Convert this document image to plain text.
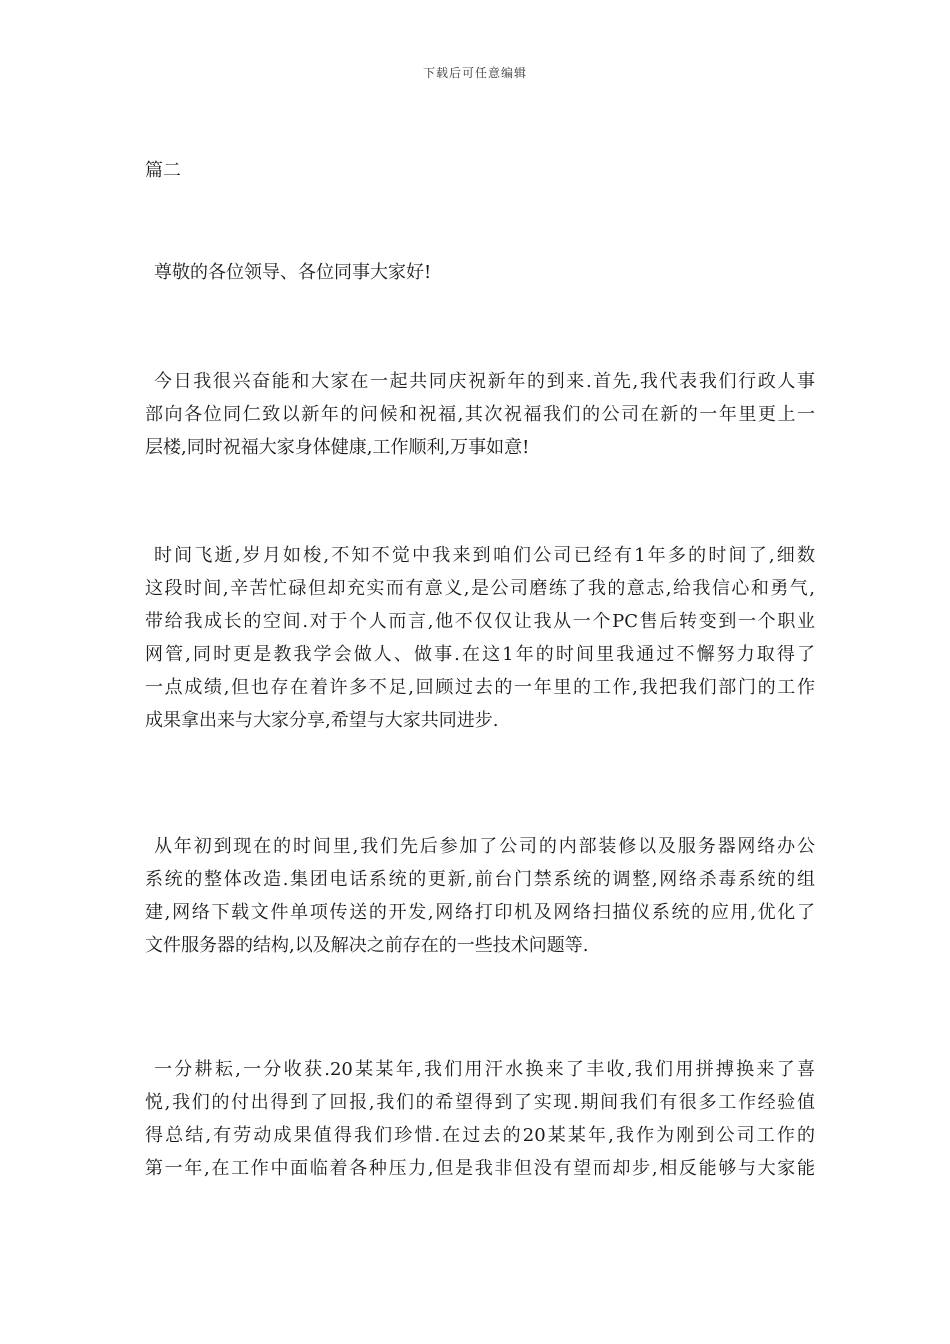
下载后可任意编辑
篇二
尊敬的各位领导、各位同事大家好!
今日我很兴奋能和大家在一起共同庆祝新年的到来.首先,我代表我们行政人事
部向各位同仁致以新年的问候和祝福,其次祝福我们的公司在新的一年里更上一
层楼,同时祝福大家身体健康,工作顺利,万事如意!
时间飞逝,岁月如梭,不知不觉中我来到咱们公司已经有1年多的时间了,细数
这段时间,辛苦忙碌但却充实而有意义,是公司磨练了我的意志,给我信心和勇气,
带给我成长的空间.对于个人而言,他不仅仅让我从一个PC售后转变到一个职业
网管,同时更是教我学会做人、做事.在这1年的时间里我通过不懈努力取得了
一点成绩,但也存在着许多不足,回顾过去的一年里的工作,我把我们部门的工作
成果拿出来与大家分享,希望与大家共同进步.
从年初到现在的时间里,我们先后参加了公司的内部装修以及服务器网络办公
系统的整体改造.集团电话系统的更新,前台门禁系统的调整,网络杀毒系统的组
建,网络下载文件单项传送的开发,网络打印机及网络扫描仪系统的应用,优化了
文件服务器的结构,以及解决之前存在的一些技术问题等.
一分耕耘,一分收获.20某某年,我们用汗水换来了丰收,我们用拼搏换来了喜
悦,我们的付出得到了回报,我们的希望得到了实现.期间我们有很多工作经验值
得总结,有劳动成果值得我们珍惜.在过去的20某某年,我作为刚到公司工作的
第一年,在工作中面临着各种压力,但是我非但没有望而却步,相反能够与大家能
